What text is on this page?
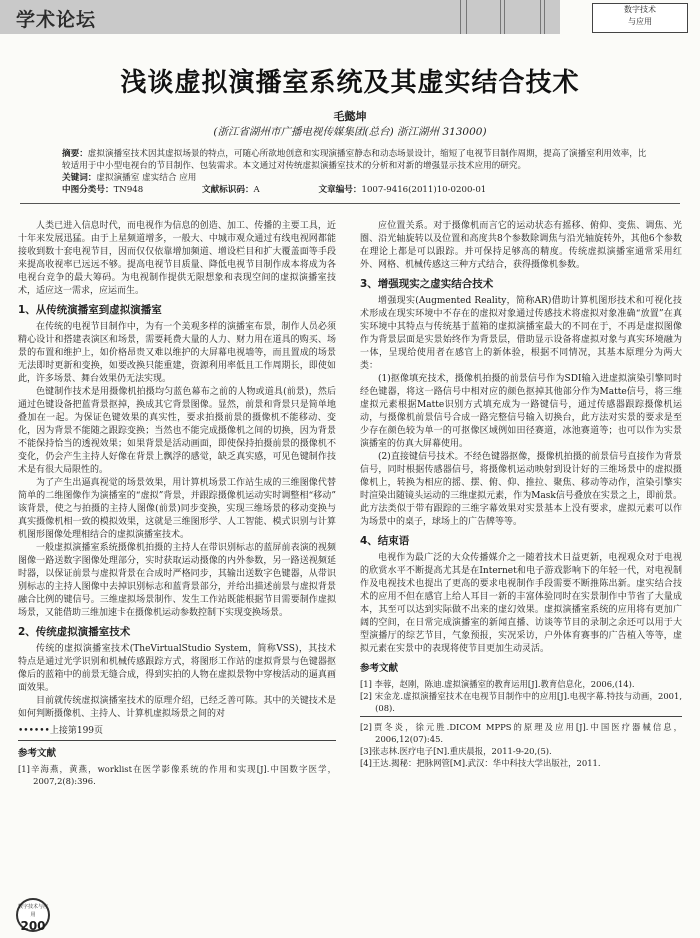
学术论坛	数字技术
与应用
浅谈虚拟演播室系统及其虚实结合技术
毛懿坤
(浙江省湖州市广播电视传媒集团(总台) 浙江湖州 313000)
摘要：虚拟演播室技术因其虚拟场景的特点，可随心所欲地创意和实现演播室静态和动态场景设计，缩短了电视节目制作周期，提高了演播室利用效率，比较适用于中小型电视台的节目制作、包装需求。本文通过对传统虚拟演播室技术的分析和对新的增强显示技术应用的研究。
关键词：虚拟演播室 虚实结合 应用
中图分类号：TN948	文献标识码：A	文章编号：1007-9416(2011)10-0200-01

人类已进入信息时代，而电视作为信息的创造、加工、传播的主要工具，近十年来发展迅猛。由于上星频道增多，一般大、中城市观众通过有线电视网都能接收到数十套电视节目，因而仅仅依靠增加频道、增设栏目和扩大覆盖面等手段来提高收视率已远远不够。提高电视节目质量、降低电视节目制作成本将成为各电视台竞争的最大筹码。为电视制作提供无限想象和表现空间的虚拟演播室技术，适应这一需求，应运而生。

1、从传统演播室到虚拟演播室

在传统的电视节目制作中，为有一个美观多样的演播室布景，制作人员必须精心设计和搭建表演区和场景，需要耗费大量的人力、财力用在道具的购买、场景的布置和维护上，如价格昂贵又难以维护的大屏幕电视墙等，而且置成的场景无法即时更新和变换，如要改换只能重建，资源利用率低且工作周期长，即使如此，许多场景、舞台效果仍无法实现。

色键制作技术是用摄像机拍摄均匀蓝色幕布之前的人物或道具(前景)，然后通过色键设备把蓝背景抠掉，换成其它背景图像。显然，前景和背景只是简单地叠加在一起。为保证色键效果的真实性，要求拍摄前景的摄像机不能移动、变化，因为背景不能随之跟踪变换；当然也不能完成摄像机之间的切换，因为背景不能保持恰当的透视效果；如果背景是活动画面，即使保持拍摄前景的摄像机不变化，仍会产生主持人好像在背景上飘浮的感觉，缺乏真实感，可见色键制作技术是有很大局限性的。

为了产生出逼真视觉的场景效果，用计算机场景工作站生成的三维图像代替简单的二维图像作为演播室的“虚拟”背景，并跟踪摄像机运动实时调整相“移动” 该背景，使之与拍摄的主持人图像(前景)同步变换，实现三维场景的移动变换与真实摄像机相一致的模拟效果，这就是三维图形学、人工智能、模式识别与计算机图形图像处理相结合的虚拟演播室技术。

一般虚拟演播室系统摄像机拍摄的主持人在带识别标志的蓝屏前表演的视频图像一路送数字图像处理部分，实时获取运动摄像的内外参数，另一路送视频延时器，以保证前景与虚拟背景在合成时严格同步，其输出送数字色键器，从带识别标志的主持人图像中去掉识别标志和蓝背景部分，并给出描述前景与虚拟背景融合比例的键信号。三维虚拟场景制作、发生工作站既能根据节目需要制作虚拟场景，又能借助三维加速卡在摄像机运动参数控制下实现变换场景。

2、传统虚拟演播室技术

传统的虚拟演播室技术(TheVirtualStudio System，简称VSS)，其技术特点是通过光学识别和机械传感跟踪方式，将图形工作站的虚拟背景与色键器抠像后的蓝箱中的前景无缝合成，得到实拍的人物在虚拟景物中穿梭活动的逼真画面效果。

目前就传统虚拟演播室技术的原理介绍，已经乏善可陈。其中的关键技术是如何判断摄像机、主持人、计算机虚拟场景之间的对

••••••上接第199页
参考文献

[1]辛海燕，黄燕，worklist在医学影像系统的作用和实现[J].中国数字医学，2007,2(8):396.

应位置关系。对于摄像机而言它的运动状态有摇移、俯仰、变焦、调焦、光圈、沿光轴旋转以及位置和高度共8个参数除调焦与沿光轴旋转外，其他6个参数在理论上都是可以跟踪。并可保持足够高的精度。传统虚拟演播室通常采用红外、网格、机械传感这三种方式结合，获得摄像机参数。

3、增强现实之虚实结合技术

增强现实(Augmented Reality，简称AR)借助计算机图形技术和可视化技术形成在现实环境中不存在的虚拟对象通过传感技术将虚拟对象准确“放置”在真实环境中其特点与传统基于蓝箱的虚拟演播室最大的不同在于，不再是虚拟图像作为背景层面是实景始终作为背景层，借助显示设备将虚拟对象与真实环境融为一体，呈现给使用者在感官上的新体验，根据不同情况，其基本原理分为两大类：

(1)抠像填充技术，摄像机拍摄的前景信号作为SDI输入进虚拟演染引擎同时经色键器，将这一路信号中相对应的颜色抠掉其他部分作为Matte信号，将三维虚拟元素根据Matte识别方式填充成为一路键信号，通过传感器跟踪摄像机运动，与摄像机前景信号合成一路完整信号输入切换台，此方法对实景的要求是至少存在颜色较为单一的可抠像区域例如田径赛道，冰池赛道等；也可以作为实景演播室的仿真大屏幕使用。

(2)直接键信号技术。不经色键器抠像，摄像机拍摄的前景信号直接作为背景信号，同时根据传感器信号，将摄像机运动映射到设计好的三维场景中的虚拟摄像机上，转换为相应的摇、摆、俯、仰、推拉、聚焦、移动等动作，渲染引擎实时渲染出随镜头运动的三维虚拟元素，作为Mask信号叠放在实景之上，即前景。此方法类似于带有跟踪的三维字幕效果对实景基本上没有要求，虚拟元素可以作为场景中的桌子，球场上的广告牌等等。

4、结束语

电视作为最广泛的大众传播媒介之一随着技术日益更新，电视观众对于电视的欣赏水平不断提高尤其是在Internet和电子游戏影响下的年轻一代，对电视制作及电视技术也提出了更高的要求电视制作手段需要不断推陈出新。虚实结合技术的应用不但在感官上给人耳目一新的丰富体验同时在实景制作中节省了大量成本，其至可以达到实际做不出来的虚幻效果。虚拟演播室系统的应用将有更加广阔的空间，在日常完成演播室的新闻直播、访谈等节目的录制之余还可以用于大型演播厅的综艺节目，气象预报，实况采访，户外体育赛事的广告植入等等，虚拟元素在实景中的表现将使节目更加生动灵活。

参考文献

[1] 李蓉，赵刚，陈迪.虚拟演播室的教育运用[J].教育信息化，2006,(14).

[2] 宋金龙.虚拟演播室技术在电视节目制作中的应用[J].电视字幕.特技与动画，2001,(08).

[2]贾冬炎，徐元胜.DICOM MPPS的原理及应用[J].中国医疗器械信息，2006,12(07):45.

[3]张志林.医疗电子[N].重庆晨报，2011-9-20,(5).

[4]王达.揭秘：把脉网管[M].武汉：华中科技大学出版社，2011.

数字技术与应用
200
